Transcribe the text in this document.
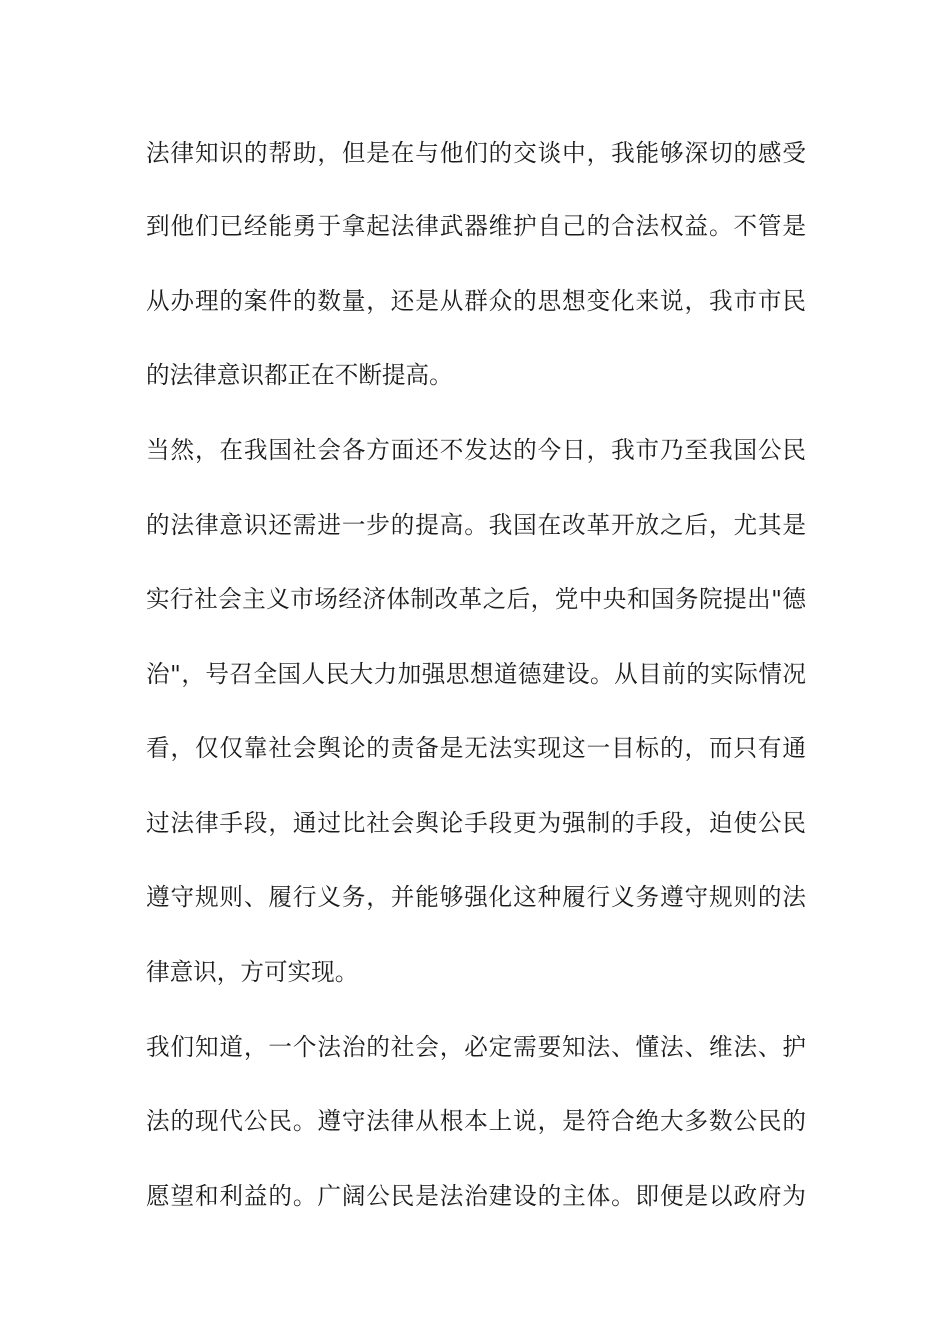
法律知识的帮助，但是在与他们的交谈中，我能够深切的感受
到他们已经能勇于拿起法律武器维护自己的合法权益。不管是
从办理的案件的数量，还是从群众的思想变化来说，我市市民
的法律意识都正在不断提高。
当然，在我国社会各方面还不发达的今日，我市乃至我国公民
的法律意识还需进一步的提高。我国在改革开放之后，尤其是
实行社会主义市场经济体制改革之后，党中央和国务院提出"德
治"，号召全国人民大力加强思想道德建设。从目前的实际情况
看，仅仅靠社会舆论的责备是无法实现这一目标的，而只有通
过法律手段，通过比社会舆论手段更为强制的手段，迫使公民
遵守规则、履行义务，并能够强化这种履行义务遵守规则的法
律意识，方可实现。
我们知道，一个法治的社会，必定需要知法、懂法、维法、护
法的现代公民。遵守法律从根本上说，是符合绝大多数公民的
愿望和利益的。广阔公民是法治建设的主体。即便是以政府为
